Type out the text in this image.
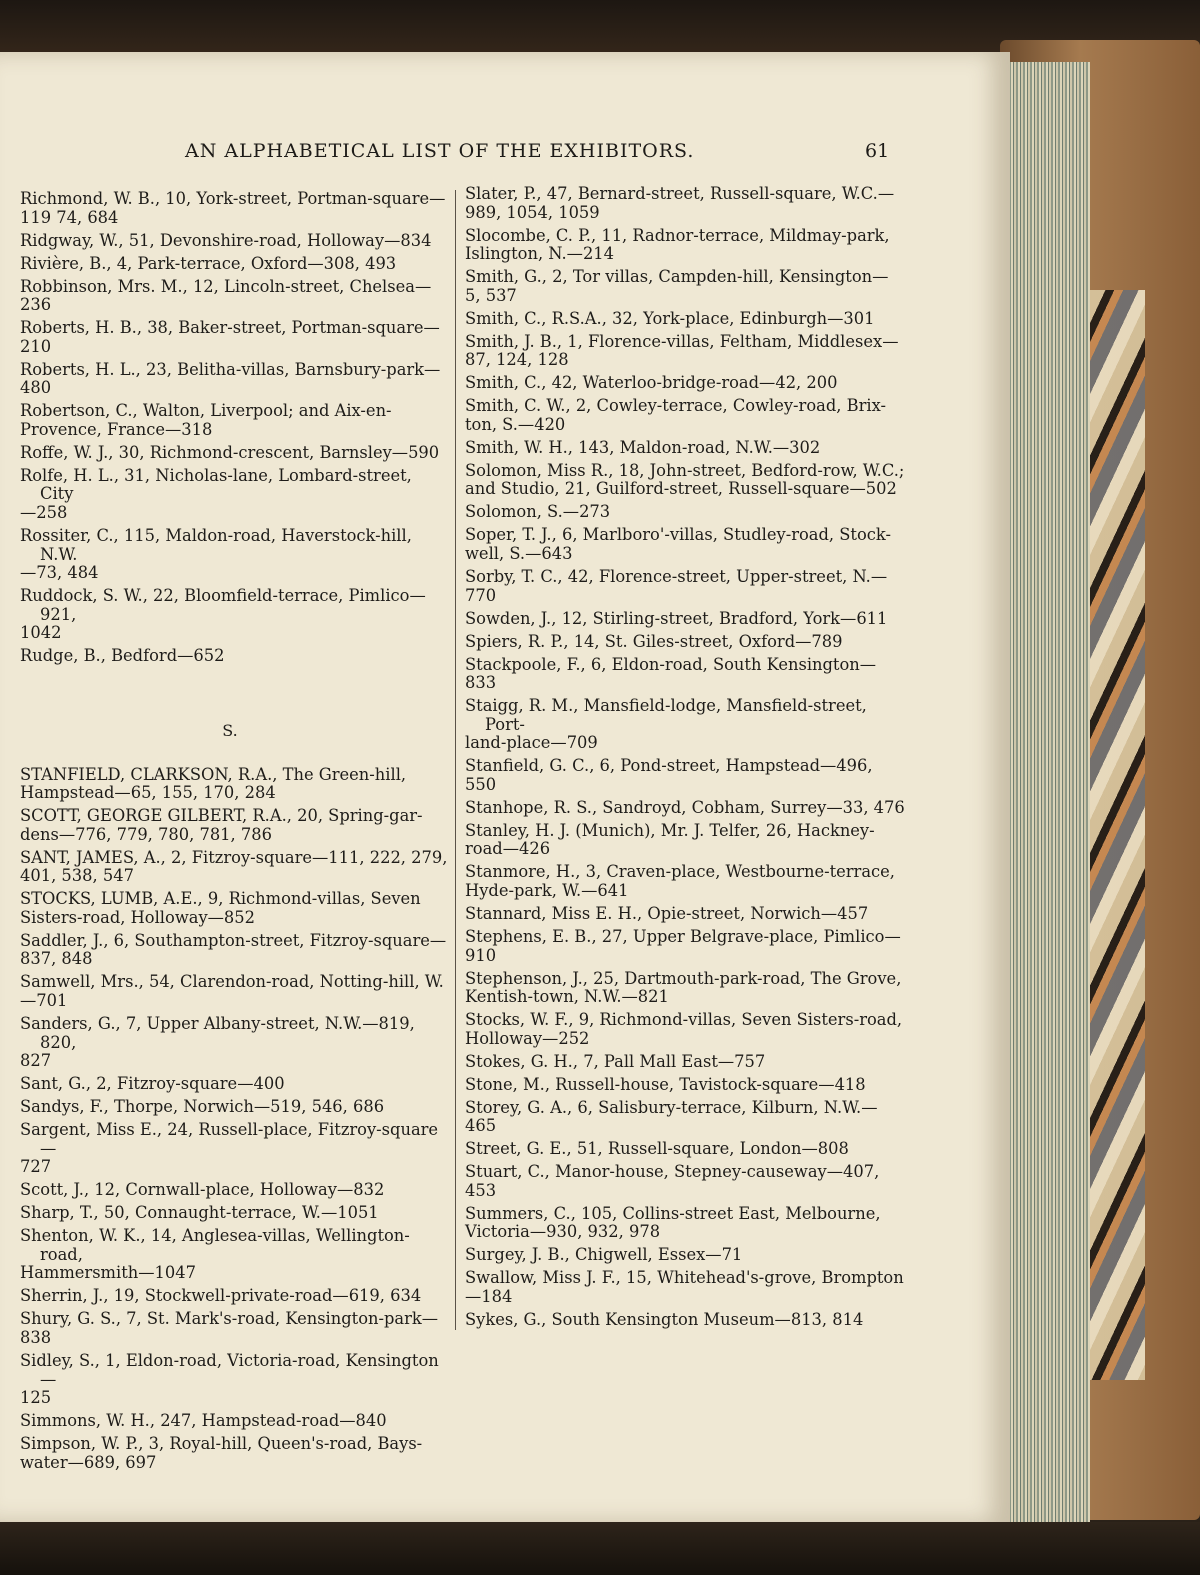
AN ALPHABETICAL LIST OF THE EXHIBITORS.	61
Richmond, W. B., 10, York-street, Portman-square—
119 74, 684
Ridgway, W., 51, Devonshire-road, Holloway—834
Rivière, B., 4, Park-terrace, Oxford—308, 493
Robbinson, Mrs. M., 12, Lincoln-street, Chelsea—
236
Roberts, H. B., 38, Baker-street, Portman-square—
210
Roberts, H. L., 23, Belitha-villas, Barnsbury-park—
480
Robertson, C., Walton, Liverpool; and Aix-en-
Provence, France—318
Roffe, W. J., 30, Richmond-crescent, Barnsley—590
Rolfe, H. L., 31, Nicholas-lane, Lombard-street, City
—258
Rossiter, C., 115, Maldon-road, Haverstock-hill, N.W.
—73, 484
Ruddock, S. W., 22, Bloomfield-terrace, Pimlico—921,
1042
Rudge, B., Bedford—652
S.
STANFIELD, CLARKSON, R.A., The Green-hill,
Hampstead—65, 155, 170, 284
SCOTT, GEORGE GILBERT, R.A., 20, Spring-gar-
dens—776, 779, 780, 781, 786
SANT, JAMES, A., 2, Fitzroy-square—111, 222, 279,
401, 538, 547
STOCKS, LUMB, A.E., 9, Richmond-villas, Seven
Sisters-road, Holloway—852
Saddler, J., 6, Southampton-street, Fitzroy-square—
837, 848
Samwell, Mrs., 54, Clarendon-road, Notting-hill, W.
—701
Sanders, G., 7, Upper Albany-street, N.W.—819, 820,
827
Sant, G., 2, Fitzroy-square—400
Sandys, F., Thorpe, Norwich—519, 546, 686
Sargent, Miss E., 24, Russell-place, Fitzroy-square—
727
Scott, J., 12, Cornwall-place, Holloway—832
Sharp, T., 50, Connaught-terrace, W.—1051
Shenton, W. K., 14, Anglesea-villas, Wellington-road,
Hammersmith—1047
Sherrin, J., 19, Stockwell-private-road—619, 634
Shury, G. S., 7, St. Mark's-road, Kensington-park—
838
Sidley, S., 1, Eldon-road, Victoria-road, Kensington—
125
Simmons, W. H., 247, Hampstead-road—840
Simpson, W. P., 3, Royal-hill, Queen's-road, Bays-
water—689, 697
Slater, P., 47, Bernard-street, Russell-square, W.C.—
989, 1054, 1059
Slocombe, C. P., 11, Radnor-terrace, Mildmay-park,
Islington, N.—214
Smith, G., 2, Tor villas, Campden-hill, Kensington—
5, 537
Smith, C., R.S.A., 32, York-place, Edinburgh—301
Smith, J. B., 1, Florence-villas, Feltham, Middlesex—
87, 124, 128
Smith, C., 42, Waterloo-bridge-road—42, 200
Smith, C. W., 2, Cowley-terrace, Cowley-road, Brix-
ton, S.—420
Smith, W. H., 143, Maldon-road, N.W.—302
Solomon, Miss R., 18, John-street, Bedford-row, W.C.;
and Studio, 21, Guilford-street, Russell-square—502
Solomon, S.—273
Soper, T. J., 6, Marlboro'-villas, Studley-road, Stock-
well, S.—643
Sorby, T. C., 42, Florence-street, Upper-street, N.—
770
Sowden, J., 12, Stirling-street, Bradford, York—611
Spiers, R. P., 14, St. Giles-street, Oxford—789
Stackpoole, F., 6, Eldon-road, South Kensington—
833
Staigg, R. M., Mansfield-lodge, Mansfield-street, Port-
land-place—709
Stanfield, G. C., 6, Pond-street, Hampstead—496,
550
Stanhope, R. S., Sandroyd, Cobham, Surrey—33, 476
Stanley, H. J. (Munich), Mr. J. Telfer, 26, Hackney-
road—426
Stanmore, H., 3, Craven-place, Westbourne-terrace,
Hyde-park, W.—641
Stannard, Miss E. H., Opie-street, Norwich—457
Stephens, E. B., 27, Upper Belgrave-place, Pimlico—
910
Stephenson, J., 25, Dartmouth-park-road, The Grove,
Kentish-town, N.W.—821
Stocks, W. F., 9, Richmond-villas, Seven Sisters-road,
Holloway—252
Stokes, G. H., 7, Pall Mall East—757
Stone, M., Russell-house, Tavistock-square—418
Storey, G. A., 6, Salisbury-terrace, Kilburn, N.W.—
465
Street, G. E., 51, Russell-square, London—808
Stuart, C., Manor-house, Stepney-causeway—407,
453
Summers, C., 105, Collins-street East, Melbourne,
Victoria—930, 932, 978
Surgey, J. B., Chigwell, Essex—71
Swallow, Miss J. F., 15, Whitehead's-grove, Brompton
—184
Sykes, G., South Kensington Museum—813, 814
